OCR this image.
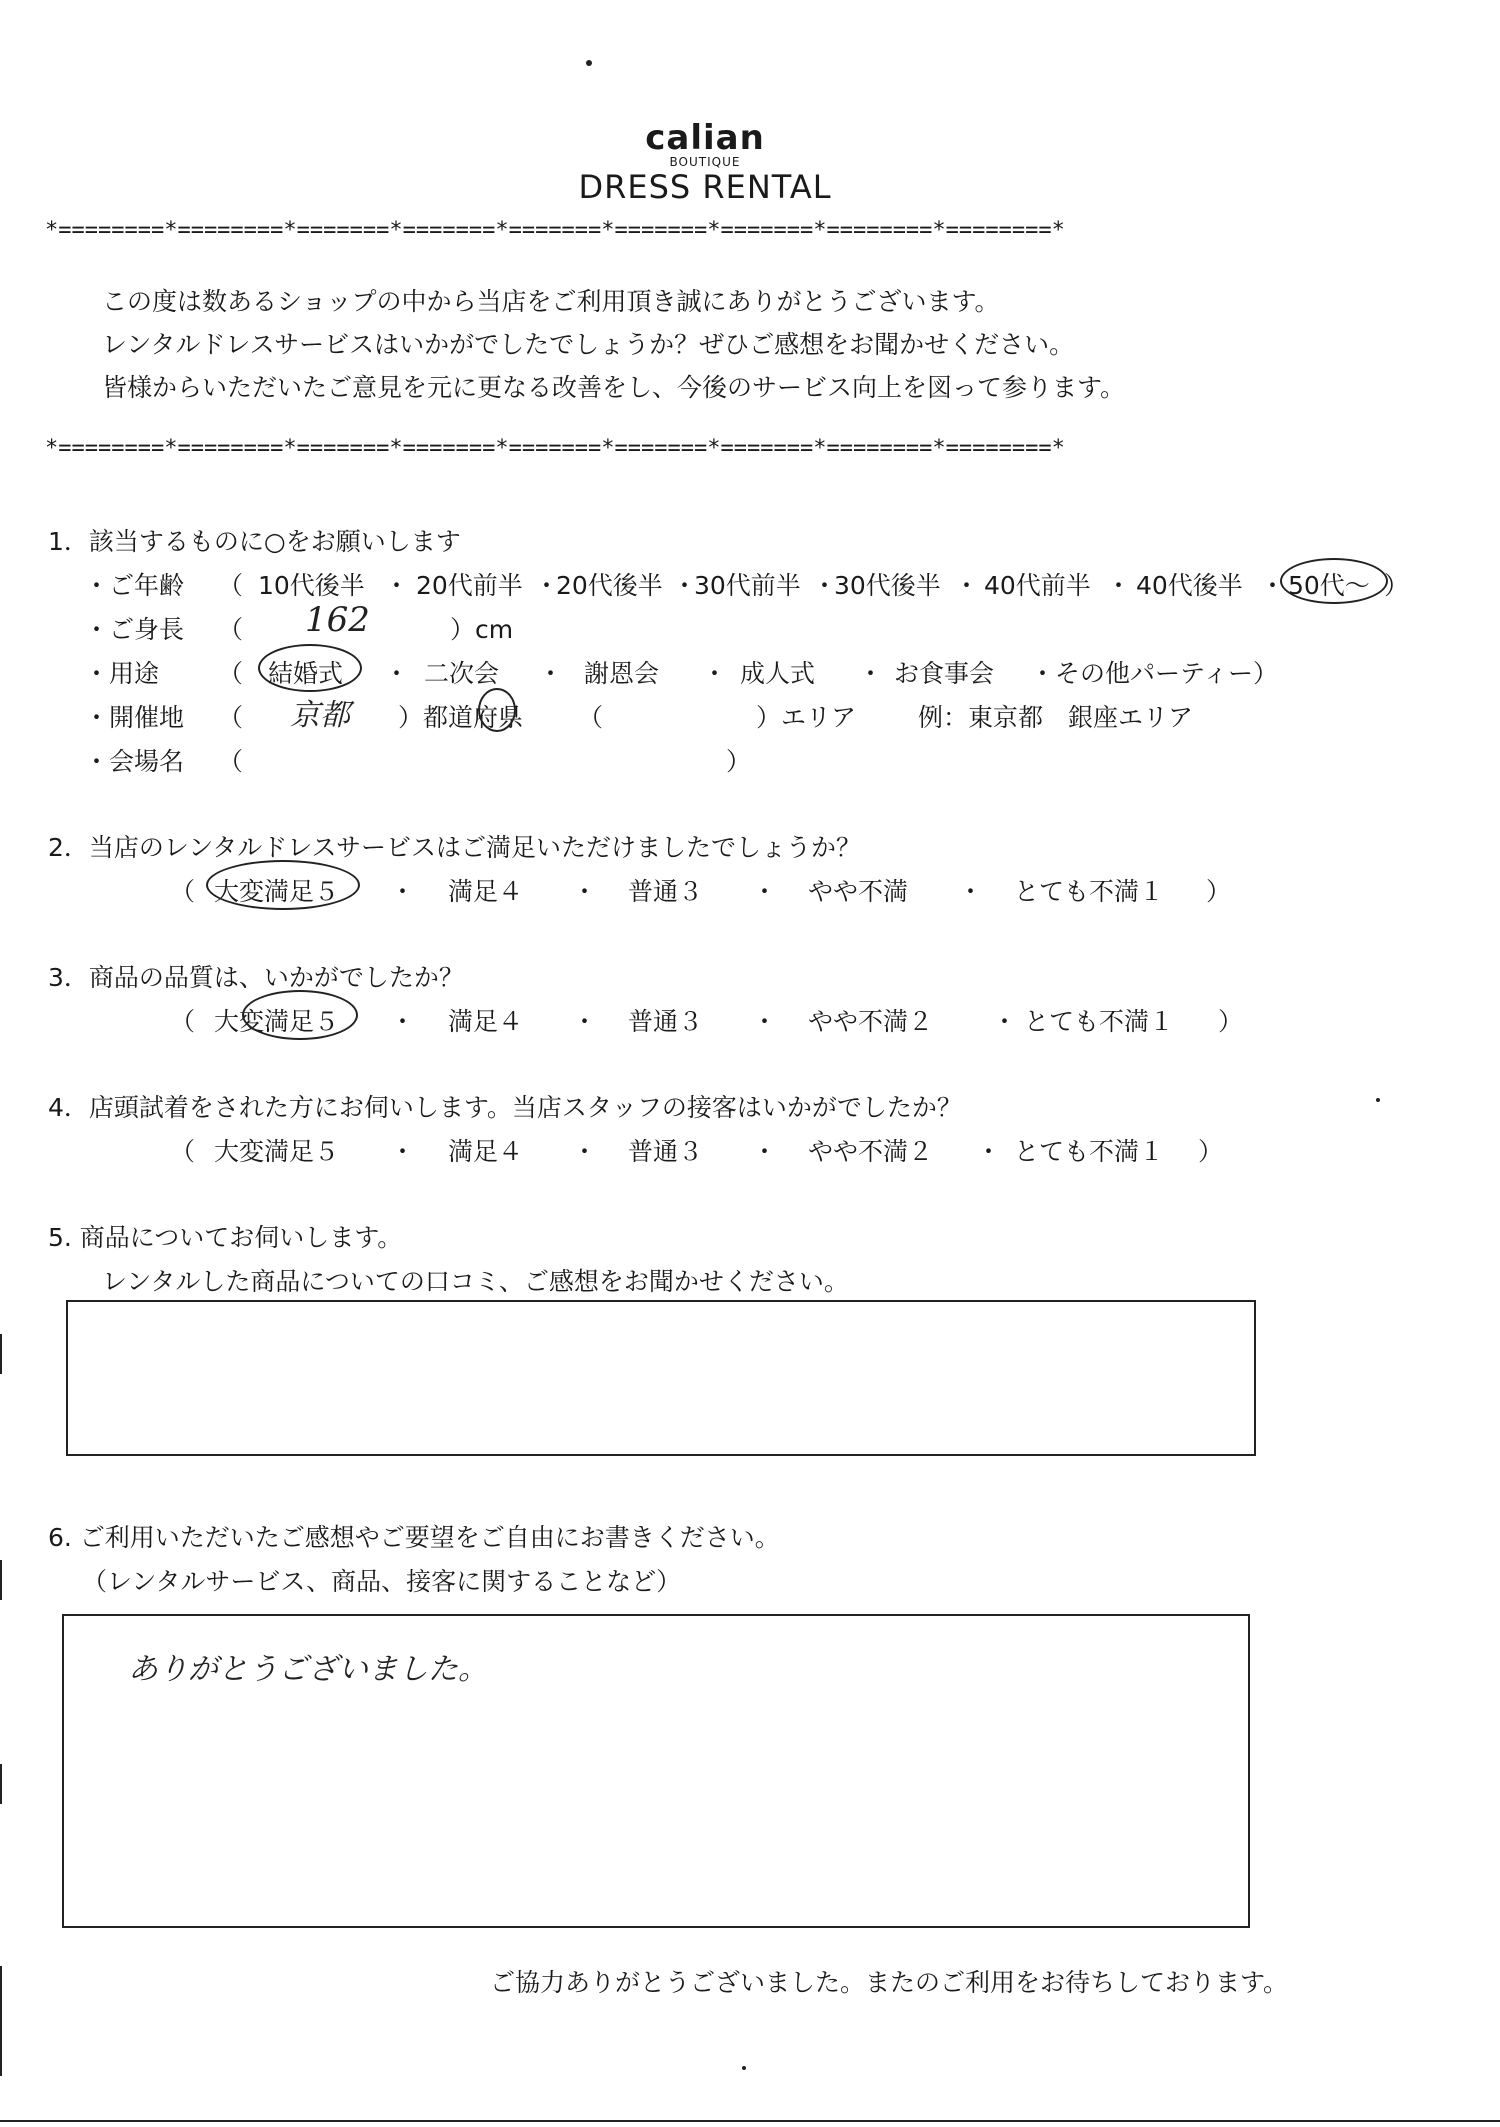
calian
BOUTIQUE
DRESS RENTAL
*========*========*=======*=======*=======*=======*=======*========*========*
この度は数あるショップの中から当店をご利用頂き誠にありがとうございます。
レンタルドレスサービスはいかがでしたでしょうか？ぜひご感想をお聞かせください。
皆様からいただいたご意見を元に更なる改善をし、今後のサービス向上を図って参ります。
*========*========*=======*=======*=======*=======*=======*========*========*
1．該当するものに○をお願いします
・ご年齢 （ 10代後半 ・ 20代前半 ・
20代後半 ・
30代前半 ・
30代後半 ・ 40代前半 ・ 40代後半 ・ 50代～ ）
・ご身長 （ 162	）cm
・用途 （ 結婚式 ・ 二次会 ・ 謝恩会 ・ 成人式 ・ お食事会 ・その他パーティー）
・開催地 （ 京都 ）都道府県 （	）エリア 例：東京都　銀座エリア
・会場名 （	）
2．当店のレンタルドレスサービスはご満足いただけましたでしょうか？
（ 大変満足５ ・ 満足４ ・ 普通３ ・ やや不満 ・ とても不満１ ）
3．商品の品質は、いかがでしたか？
（ 大変満足５ ・ 満足４ ・ 普通３ ・ やや不満２ ・ とても不満１ ）
4．店頭試着をされた方にお伺いします。当店スタッフの接客はいかがでしたか？
（ 大変満足５ ・ 満足４ ・ 普通３ ・ やや不満２ ・ とても不満１ ）
5. 商品についてお伺いします。
レンタルした商品についての口コミ、ご感想をお聞かせください。
6. ご利用いただいたご感想やご要望をご自由にお書きください。
（レンタルサービス、商品、接客に関することなど）
ありがとうございました。
ご協力ありがとうございました。またのご利用をお待ちしております。
